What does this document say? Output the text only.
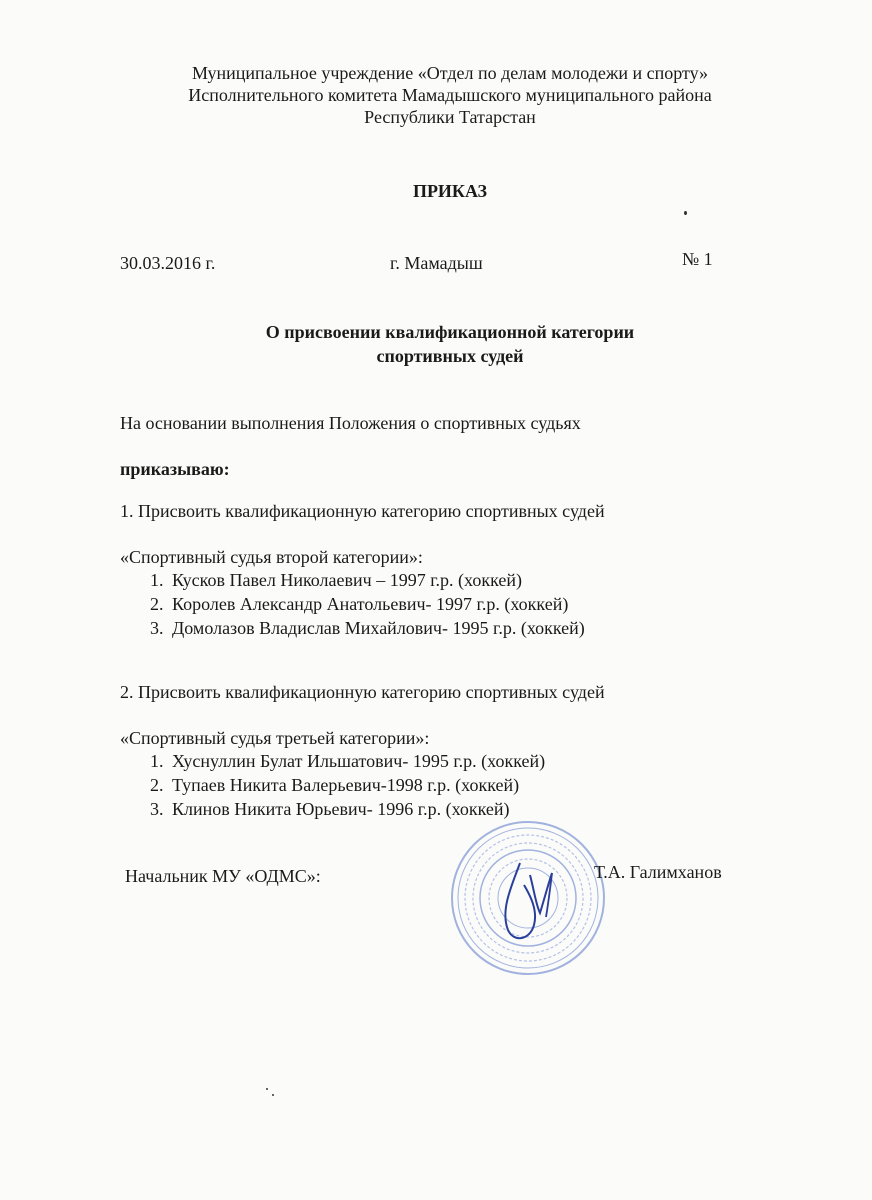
Муниципальное учреждение «Отдел по делам молодежи и спорту»
Исполнительного комитета Мамадышского муниципального района
Республики Татарстан
ПРИКАЗ
30.03.2016 г.	г. Мамадыш	№ 1
О присвоении квалификационной категории
спортивных судей
На основании выполнения Положения о спортивных судьях
приказываю:
1. Присвоить квалификационную категорию спортивных судей
«Спортивный судья второй категории»:
1. Кусков Павел Николаевич – 1997 г.р. (хоккей)
2. Королев Александр Анатольевич- 1997 г.р. (хоккей)
3. Домолазов Владислав Михайлович- 1995 г.р. (хоккей)
2. Присвоить квалификационную категорию спортивных судей
«Спортивный судья третьей категории»:
1. Хуснуллин Булат Ильшатович- 1995 г.р. (хоккей)
2. Тупаев Никита Валерьевич-1998 г.р. (хоккей)
3. Клинов Никита Юрьевич- 1996 г.р. (хоккей)
Начальник МУ «ОДМС»:	Т.А. Галимханов
